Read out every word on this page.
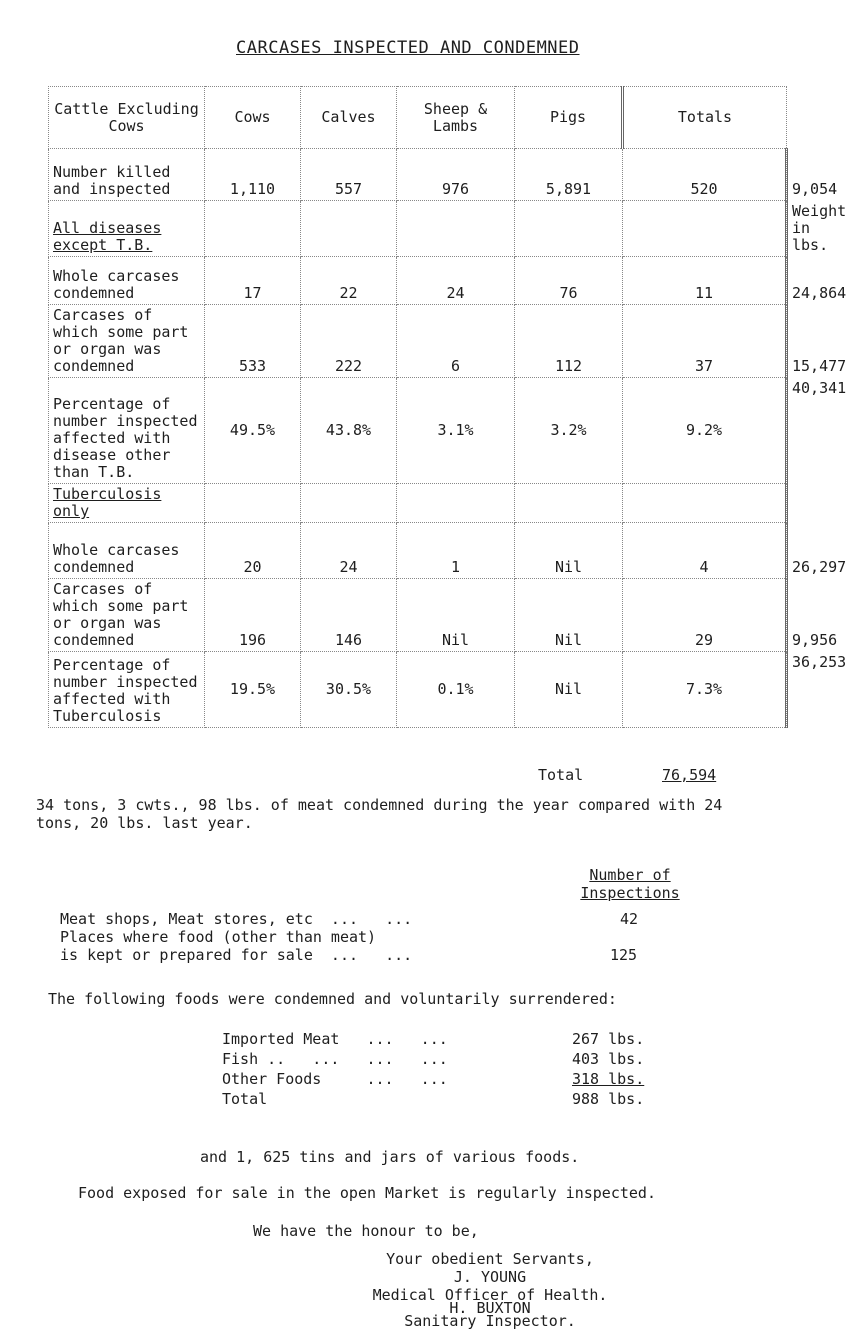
CARCASES INSPECTED AND CONDEMNED
Cattle Excluding Cows	Cows	Calves	Sheep & Lambs	Pigs	Totals	
Number killed and inspected	1,110	557	976	5,891	520	9,054
All diseases except T.B.						Weight in lbs.
Whole carcases condemned	17	22	24	76	11	24,864
Carcases of which some part or organ was condemned	533	222	6	112	37	15,477
Percentage of number inspected affected with disease other than T.B.	49.5%	43.8%	3.1%	3.2%	9.2%	40,341
Tuberculosis only						
Whole carcases condemned	20	24	1	Nil	4	26,297
Carcases of which some part or organ was condemned	196	146	Nil	Nil	29	9,956
Percentage of number inspected affected with Tuberculosis	19.5%	30.5%	0.1%	Nil	7.3%	36,253
Total	76,594
34 tons, 3 cwts., 98 lbs. of meat condemned during the year compared with 24 tons, 20 lbs. last year.
Number of Inspections
Meat shops, Meat stores, etc  ...   ...	42
Places where food (other than meat)
is kept or prepared for sale  ...   ...	125
The following foods were condemned and voluntarily surrendered:
Imported Meat   ...   ...	267 lbs.
Fish ..   ...   ...   ...	403 lbs.
Other Foods     ...   ...	318 lbs.
Total	988 lbs.
and 1, 625 tins and jars of various foods.
Food exposed for sale in the open Market is regularly inspected.
We have the honour to be,
Your obedient Servants,
J. YOUNG
Medical Officer of Health.
H. BUXTON
Sanitary Inspector.
